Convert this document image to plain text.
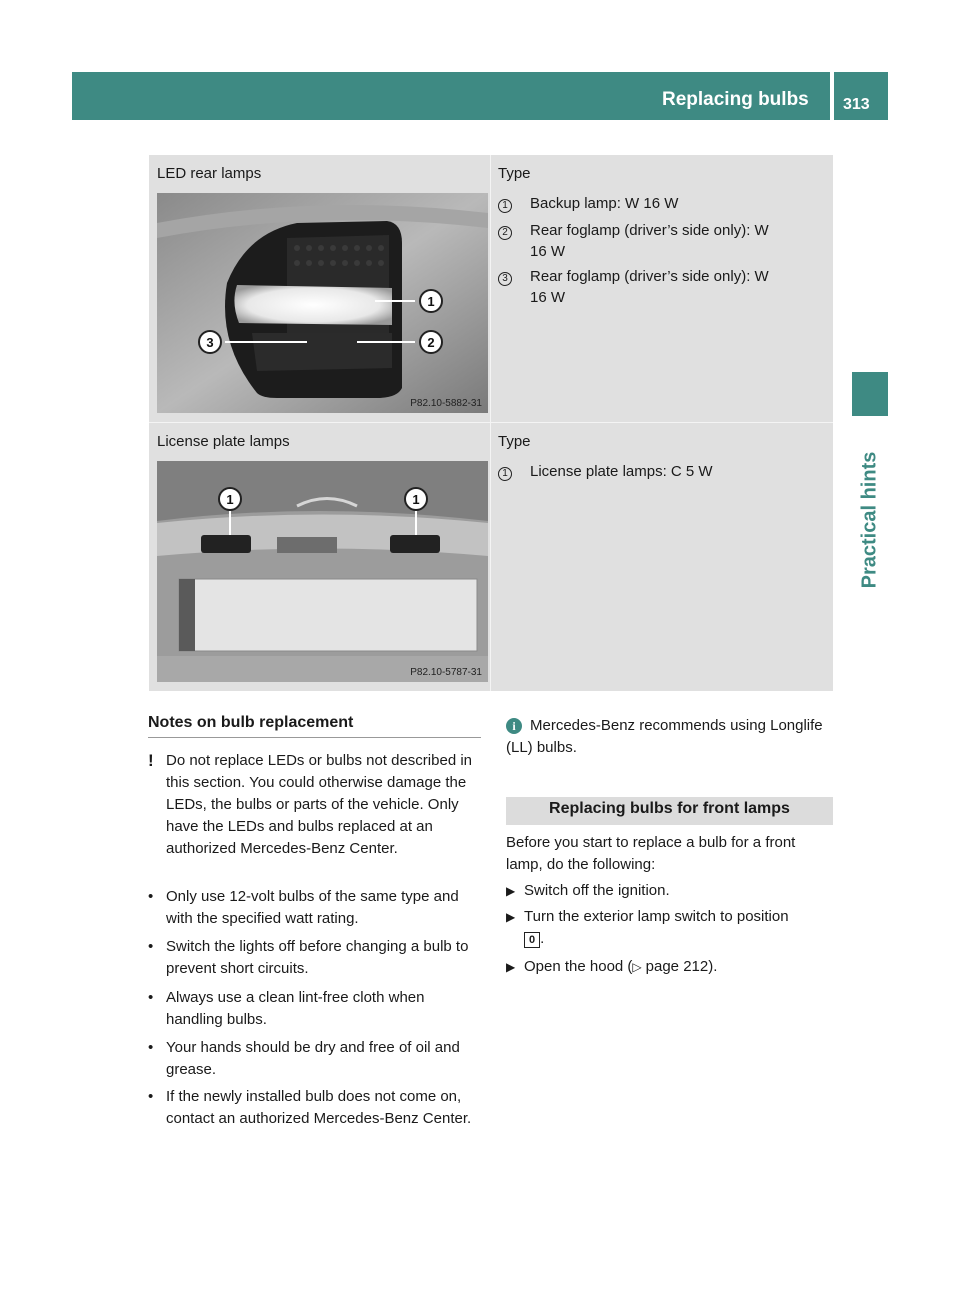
Replacing bulbs 313
Practical hints
LED rear lamps	Type
1
2
3
P82.10-5882-31
1	Backup lamp: W 16 W
2	Rear foglamp (driver’s side only): W 16 W
3	Rear foglamp (driver’s side only): W 16 W
License plate lamps	Type
1	1
P82.10-5787-31
1	License plate lamps: C 5 W
Notes on bulb replacement
! Do not replace LEDs or bulbs not described in this section. You could otherwise damage the LEDs, the bulbs or parts of the vehicle. Only have the LEDs and bulbs replaced at an authorized Mercedes-Benz Center.
• Only use 12-volt bulbs of the same type and with the specified watt rating.
• Switch the lights off before changing a bulb to prevent short circuits.
• Always use a clean lint-free cloth when handling bulbs.
• Your hands should be dry and free of oil and grease.
• If the newly installed bulb does not come on, contact an authorized Mercedes-Benz Center.
i Mercedes-Benz recommends using Longlife (LL) bulbs.
Replacing bulbs for front lamps
Before you start to replace a bulb for a front lamp, do the following:
▶ Switch off the ignition.
▶ Turn the exterior lamp switch to position
0 .
▶ Open the hood (▷ page 212).
